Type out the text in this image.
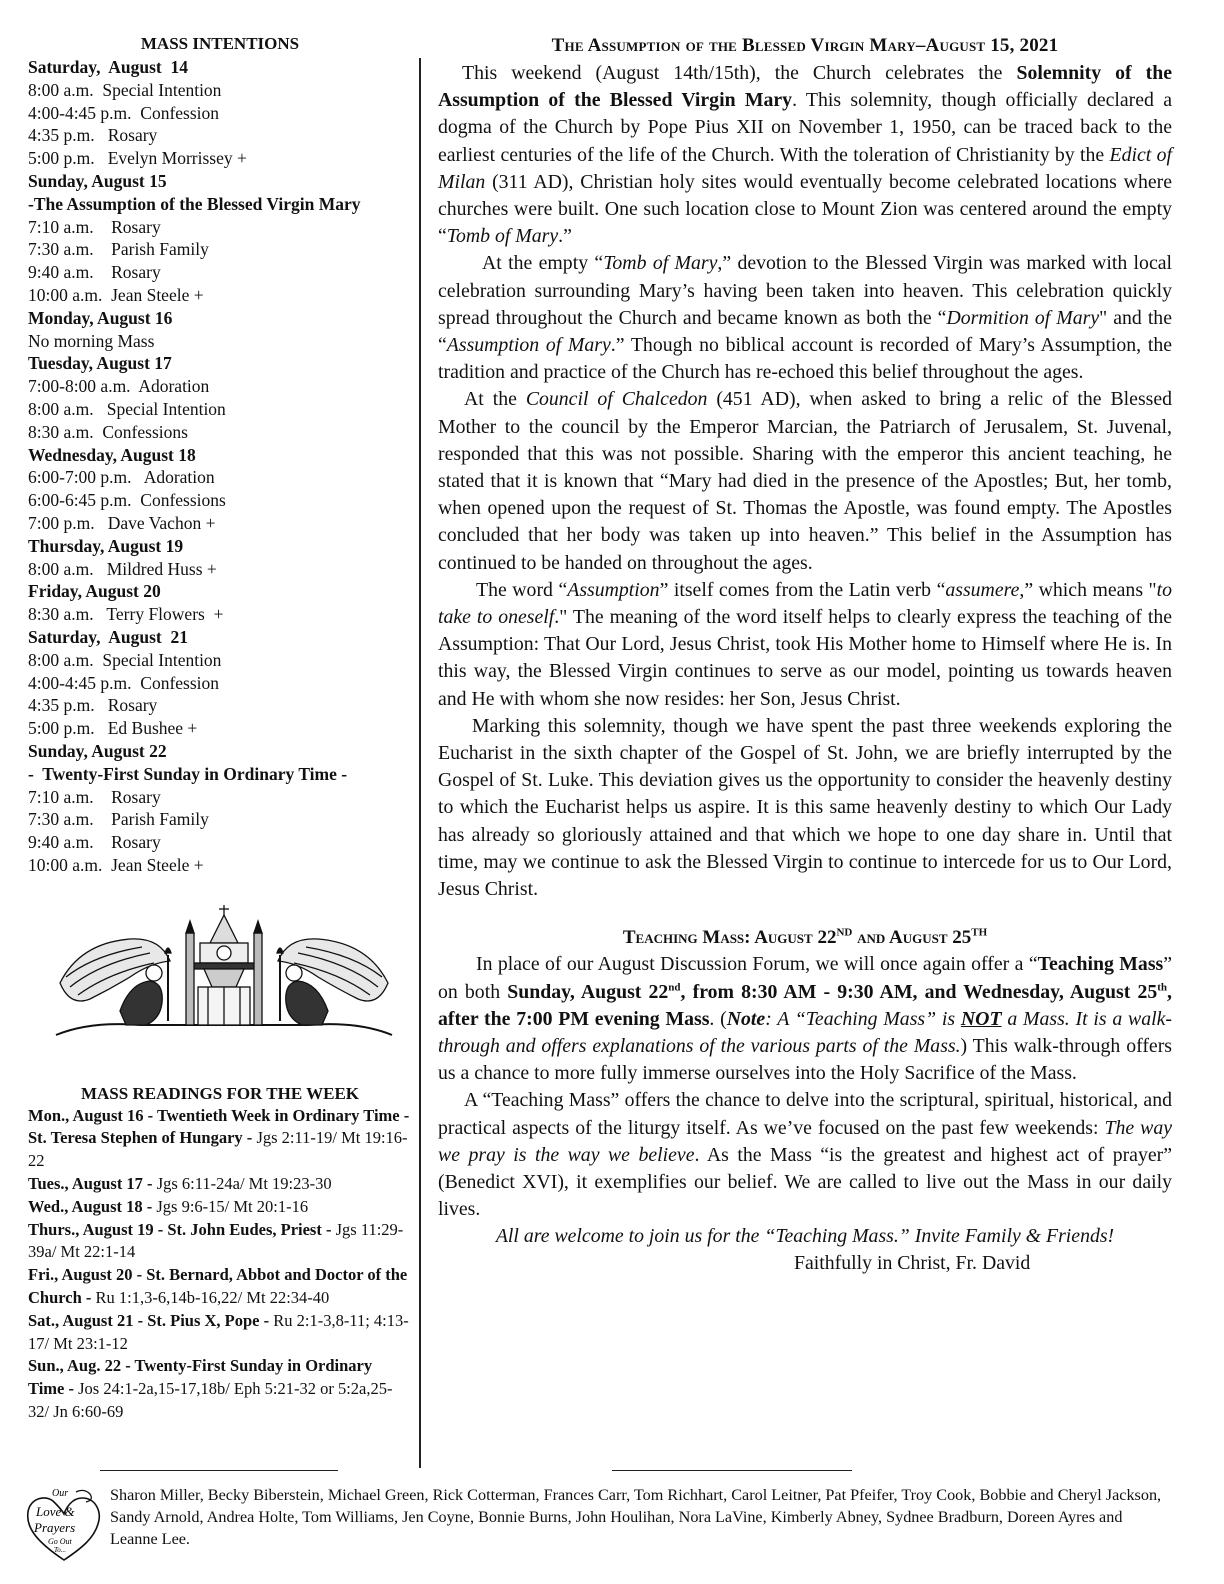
MASS INTENTIONS
Saturday,  August  14
8:00 a.m.  Special Intention
4:00-4:45 p.m.  Confession
4:35 p.m.   Rosary
5:00 p.m.   Evelyn Morrissey +
Sunday, August 15
-The Assumption of the Blessed Virgin Mary
7:10 a.m.    Rosary
7:30 a.m.    Parish Family
9:40 a.m.    Rosary
10:00 a.m.  Jean Steele +
Monday, August 16
No morning Mass
Tuesday, August 17
7:00-8:00 a.m.  Adoration
8:00 a.m.   Special Intention
8:30 a.m.  Confessions
Wednesday, August 18
6:00-7:00 p.m.   Adoration
6:00-6:45 p.m.  Confessions
7:00 p.m.   Dave Vachon +
Thursday, August 19
8:00 a.m.   Mildred Huss +
Friday, August 20
8:30 a.m.   Terry Flowers  +
Saturday,  August  21
8:00 a.m.  Special Intention
4:00-4:45 p.m.  Confession
4:35 p.m.   Rosary
5:00 p.m.   Ed Bushee +
Sunday, August 22
-  Twenty-First Sunday in Ordinary Time -
7:10 a.m.    Rosary
7:30 a.m.    Parish Family
9:40 a.m.    Rosary
10:00 a.m.  Jean Steele +
MASS READINGS FOR THE WEEK
Mon., August 16 - Twentieth Week in Ordinary Time - St. Teresa Stephen of Hungary - Jgs 2:11-19/ Mt 19:16-22
Tues., August 17 - Jgs 6:11-24a/ Mt 19:23-30
Wed., August 18 - Jgs 9:6-15/ Mt 20:1-16
Thurs., August 19 - St. John Eudes, Priest - Jgs 11:29-39a/ Mt 22:1-14
Fri., August 20 - St. Bernard, Abbot and Doctor of the Church - Ru 1:1,3-6,14b-16,22/ Mt 22:34-40
Sat., August 21 - St. Pius X, Pope - Ru 2:1-3,8-11; 4:13-17/ Mt 23:1-12
Sun., Aug. 22 - Twenty-First Sunday in Ordinary Time - Jos 24:1-2a,15-17,18b/ Eph 5:21-32 or 5:2a,25-32/ Jn 6:60-69
The Assumption of the Blessed Virgin Mary–August 15, 2021

This weekend (August 14th/15th), the Church celebrates the Solemnity of the Assumption of the Blessed Virgin Mary. This solemnity, though officially declared a dogma of the Church by Pope Pius XII on November 1, 1950, can be traced back to the earliest centuries of the life of the Church. With the toleration of Christianity by the Edict of Milan (311 AD), Christian holy sites would eventually become celebrated locations where churches were built. One such location close to Mount Zion was centered around the empty “Tomb of Mary.”

At the empty “Tomb of Mary,” devotion to the Blessed Virgin was marked with local celebration surrounding Mary’s having been taken into heaven. This celebration quickly spread throughout the Church and became known as both the “Dormition of Mary" and the “Assumption of Mary.” Though no biblical account is recorded of Mary’s Assumption, the tradition and practice of the Church has re-echoed this belief throughout the ages.

At the Council of Chalcedon (451 AD), when asked to bring a relic of the Blessed Mother to the council by the Emperor Marcian, the Patriarch of Jerusalem, St. Juvenal, responded that this was not possible. Sharing with the emperor this ancient teaching, he stated that it is known that “Mary had died in the presence of the Apostles; But, her tomb, when opened upon the request of St. Thomas the Apostle, was found empty. The Apostles concluded that her body was taken up into heaven.” This belief in the Assumption has continued to be handed on throughout the ages.

The word “Assumption” itself comes from the Latin verb “assumere,” which means "to take to oneself." The meaning of the word itself helps to clearly express the teaching of the Assumption: That Our Lord, Jesus Christ, took His Mother home to Himself where He is. In this way, the Blessed Virgin continues to serve as our model, pointing us towards heaven and He with whom she now resides: her Son, Jesus Christ.

Marking this solemnity, though we have spent the past three weekends exploring the Eucharist in the sixth chapter of the Gospel of St. John, we are briefly interrupted by the Gospel of St. Luke. This deviation gives us the opportunity to consider the heavenly destiny to which the Eucharist helps us aspire. It is this same heavenly destiny to which Our Lady has already so gloriously attained and that which we hope to one day share in. Until that time, may we continue to ask the Blessed Virgin to continue to intercede for us to Our Lord, Jesus Christ.

Teaching Mass: August 22ND and August 25TH

In place of our August Discussion Forum, we will once again offer a “Teaching Mass” on both Sunday, August 22nd, from 8:30 AM - 9:30 AM, and Wednesday, August 25th, after the 7:00 PM evening Mass. (Note: A “Teaching Mass” is NOT a Mass. It is a walk-through and offers explanations of the various parts of the Mass.) This walk-through offers us a chance to more fully immerse ourselves into the Holy Sacrifice of the Mass.

A “Teaching Mass” offers the chance to delve into the scriptural, spiritual, historical, and practical aspects of the liturgy itself. As we’ve focused on the past few weekends: The way we pray is the way we believe. As the Mass “is the greatest and highest act of prayer” (Benedict XVI), it exemplifies our belief. We are called to live out the Mass in our daily lives.

All are welcome to join us for the “Teaching Mass.” Invite Family & Friends!
Faithfully in Christ, Fr. David
Our
Love &
Prayers
Go Out
To...
Sharon Miller, Becky Biberstein, Michael Green, Rick Cotterman, Frances Carr, Tom Richhart, Carol Leitner, Pat Pfeifer, Troy Cook, Bobbie and Cheryl Jackson, Sandy Arnold, Andrea Holte, Tom Williams, Jen Coyne, Bonnie Burns, John Houlihan, Nora LaVine, Kimberly Abney, Sydnee Bradburn, Doreen Ayres and Leanne Lee.
